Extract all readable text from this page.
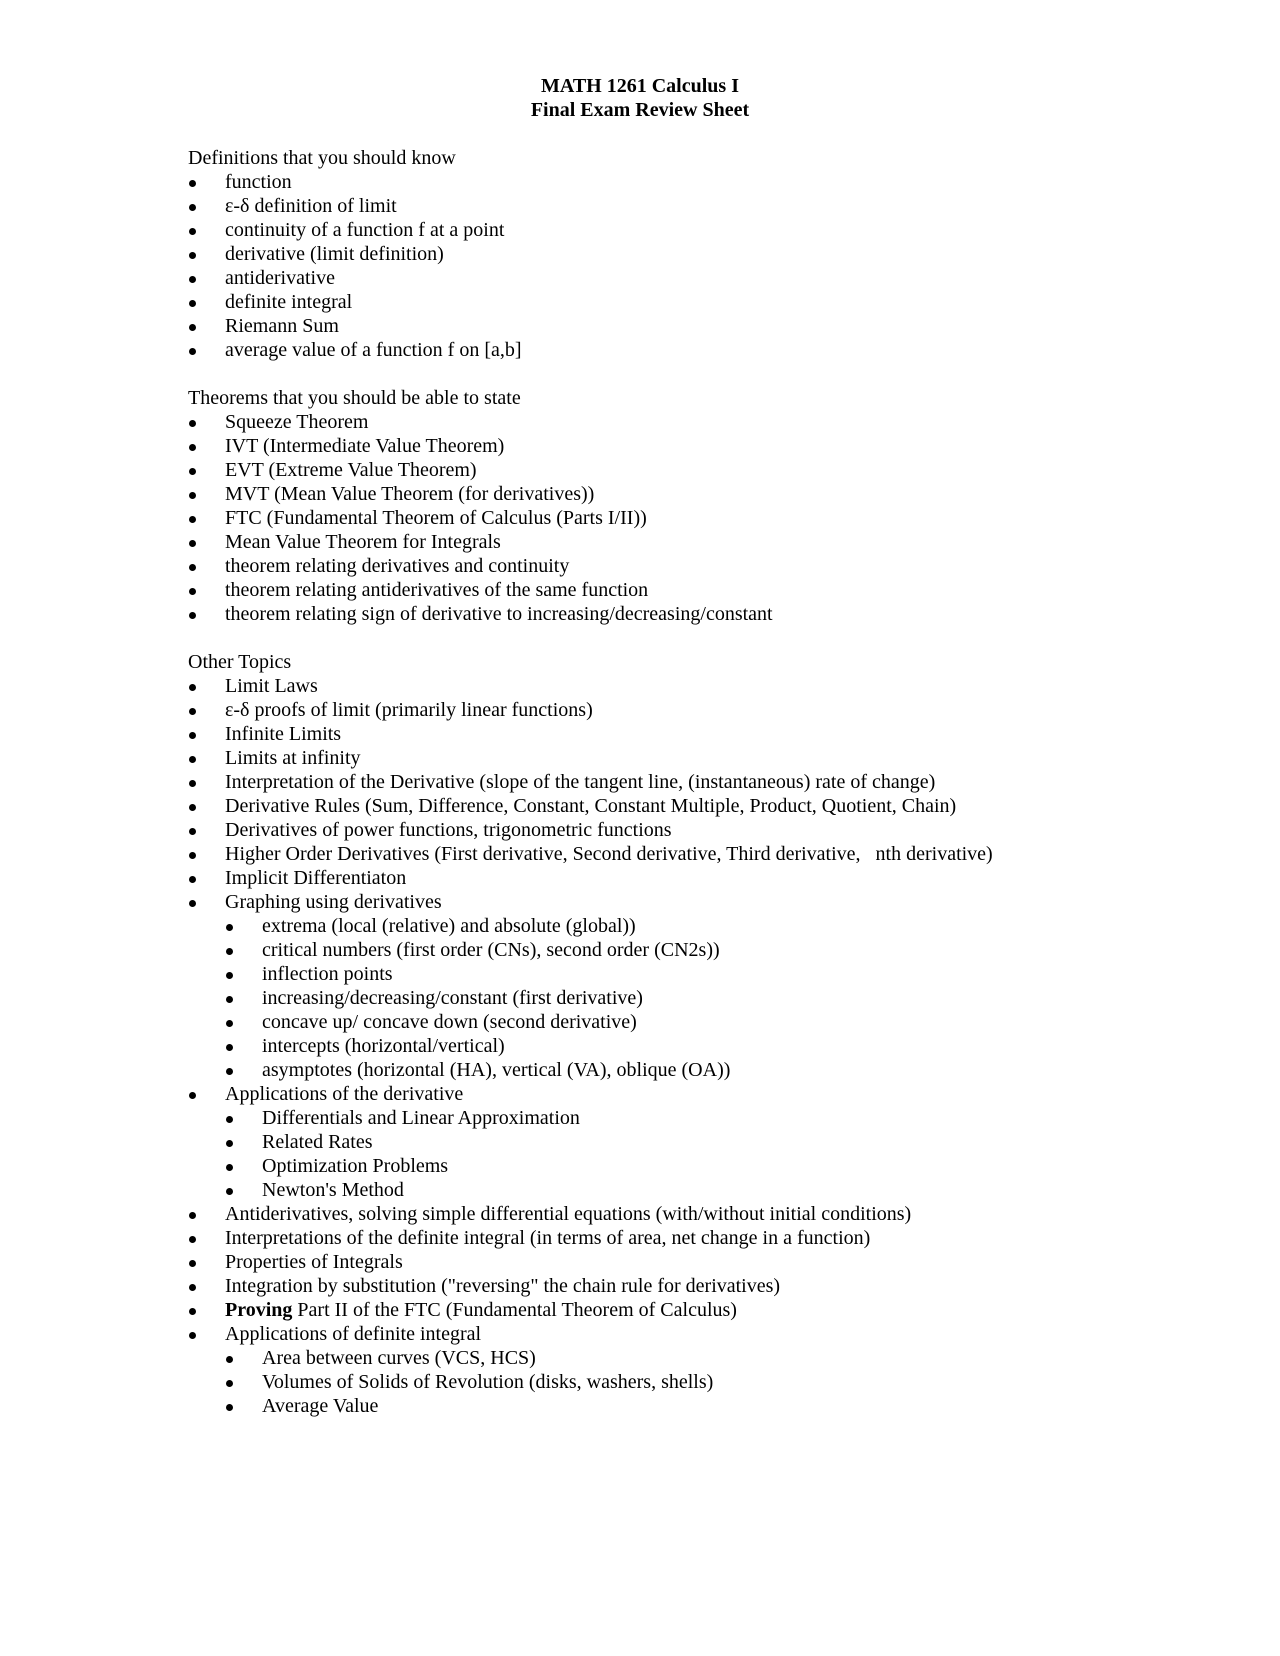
MATH 1261 Calculus I

Final Exam Review Sheet

Definitions that you should know

function
ε-δ definition of limit
continuity of a function f at a point
derivative (limit definition)
antiderivative
definite integral
Riemann Sum
average value of a function f on [a,b]

Theorems that you should be able to state

Squeeze Theorem
IVT (Intermediate Value Theorem)
EVT (Extreme Value Theorem)
MVT (Mean Value Theorem (for derivatives))
FTC (Fundamental Theorem of Calculus (Parts I/II))
Mean Value Theorem for Integrals
theorem relating derivatives and continuity
theorem relating antiderivatives of the same function
theorem relating sign of derivative to increasing/decreasing/constant

Other Topics

Limit Laws
ε-δ proofs of limit (primarily linear functions)
Infinite Limits
Limits at infinity
Interpretation of the Derivative (slope of the tangent line, (instantaneous) rate of change)
Derivative Rules (Sum, Difference, Constant, Constant Multiple, Product, Quotient, Chain)
Derivatives of power functions, trigonometric functions
Higher Order Derivatives (First derivative, Second derivative, Third derivative,   nth derivative)
Implicit Differentiaton
Graphing using derivatives
extrema (local (relative) and absolute (global))
critical numbers (first order (CNs), second order (CN2s))
inflection points
increasing/decreasing/constant (first derivative)
concave up/ concave down (second derivative)
intercepts (horizontal/vertical)
asymptotes (horizontal (HA), vertical (VA), oblique (OA))
Applications of the derivative
Differentials and Linear Approximation
Related Rates
Optimization Problems
Newton's Method
Antiderivatives, solving simple differential equations (with/without initial conditions)
Interpretations of the definite integral (in terms of area, net change in a function)
Properties of Integrals
Integration by substitution ("reversing" the chain rule for derivatives)
Proving Part II of the FTC (Fundamental Theorem of Calculus)
Applications of definite integral
Area between curves (VCS, HCS)
Volumes of Solids of Revolution (disks, washers, shells)
Average Value
